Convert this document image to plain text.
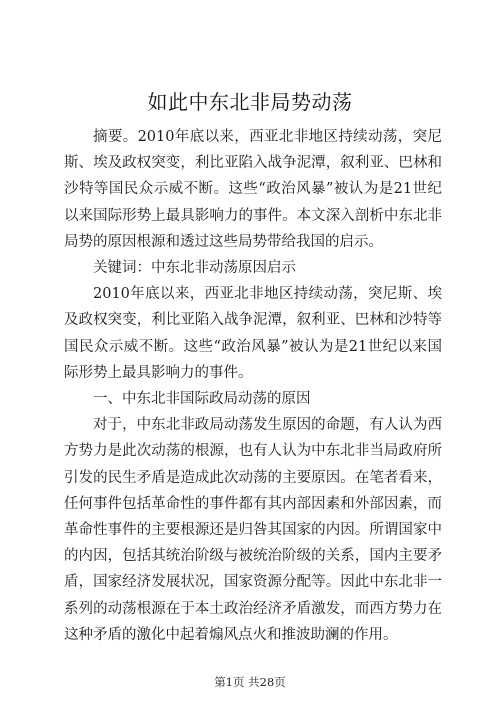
如此中东北非局势动荡

摘要。2010年底以来，西亚北非地区持续动荡，突尼斯、埃及政权突变，利比亚陷入战争泥潭，叙利亚、巴林和沙特等国民众示威不断。这些“政治风暴”被认为是21世纪以来国际形势上最具影响力的事件。本文深入剖析中东北非局势的原因根源和透过这些局势带给我国的启示。

关键词：中东北非动荡原因启示

2010年底以来，西亚北非地区持续动荡，突尼斯、埃及政权突变，利比亚陷入战争泥潭，叙利亚、巴林和沙特等国民众示威不断。这些“政治风暴”被认为是21世纪以来国际形势上最具影响力的事件。

一、中东北非国际政局动荡的原因

对于，中东北非政局动荡发生原因的命题，有人认为西方势力是此次动荡的根源，也有人认为中东北非当局政府所引发的民生矛盾是造成此次动荡的主要原因。在笔者看来，任何事件包括革命性的事件都有其内部因素和外部因素，而革命性事件的主要根源还是归咎其国家的内因。所谓国家中的内因，包括其统治阶级与被统治阶级的关系，国内主要矛盾，国家经济发展状况，国家资源分配等。因此中东北非一系列的动荡根源在于本土政治经济矛盾激发，而西方势力在这种矛盾的激化中起着煽风点火和推波助澜的作用。

第1页 共28页
